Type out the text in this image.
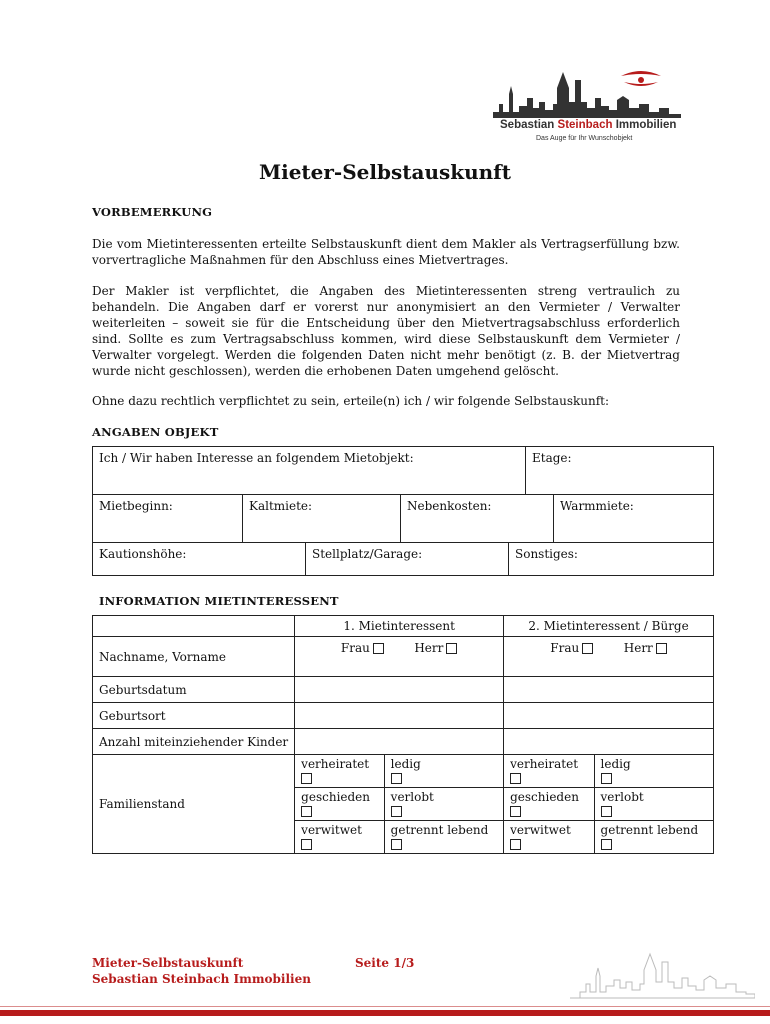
Sebastian Steinbach Immobilien
Das Auge für Ihr Wunschobjekt
Mieter-Selbstauskunft
VORBEMERKUNG
Die vom Mietinteressenten erteilte Selbstauskunft dient dem Makler als Vertragserfüllung bzw. vorvertragliche Maßnahmen für den Abschluss eines Mietvertrages.
Der Makler ist verpflichtet, die Angaben des Mietinteressenten streng vertraulich zu behandeln. Die Angaben darf er vorerst nur anonymisiert an den Vermieter / Verwalter weiterleiten – soweit sie für die Entscheidung über den Mietvertragsabschluss erforderlich sind. Sollte es zum Vertragsabschluss kommen, wird diese Selbstauskunft dem Vermieter / Verwalter vorgelegt. Werden die folgenden Daten nicht mehr benötigt (z. B. der Mietvertrag wurde nicht geschlossen), werden die erhobenen Daten umgehend gelöscht.
Ohne dazu rechtlich verpflichtet zu sein, erteile(n) ich / wir folgende Selbstauskunft:
ANGABEN OBJEKT
Ich / Wir haben Interesse an folgendem Mietobjekt:	Etage:
Mietbeginn:	Kaltmiete:	Nebenkosten:	Warmmiete:
Kautionshöhe:	Stellplatz/Garage:	Sonstiges:
INFORMATION MIETINTERESSENT
	1. Mietinteressent		2. Mietinteressent / Bürge	
Nachname, Vorname	Frau Herr		Frau Herr	
Geburtsdatum				
Geburtsort				
Anzahl miteinziehender Kinder				
Familienstand	verheiratet	ledig	verheiratet	ledig

	geschieden	verlobt	geschieden	verlobt

	verwitwet	getrennt lebend	verwitwet	getrennt lebend

Mieter-Selbstauskunft
Sebastian Steinbach Immobilien
Seite 1/3
